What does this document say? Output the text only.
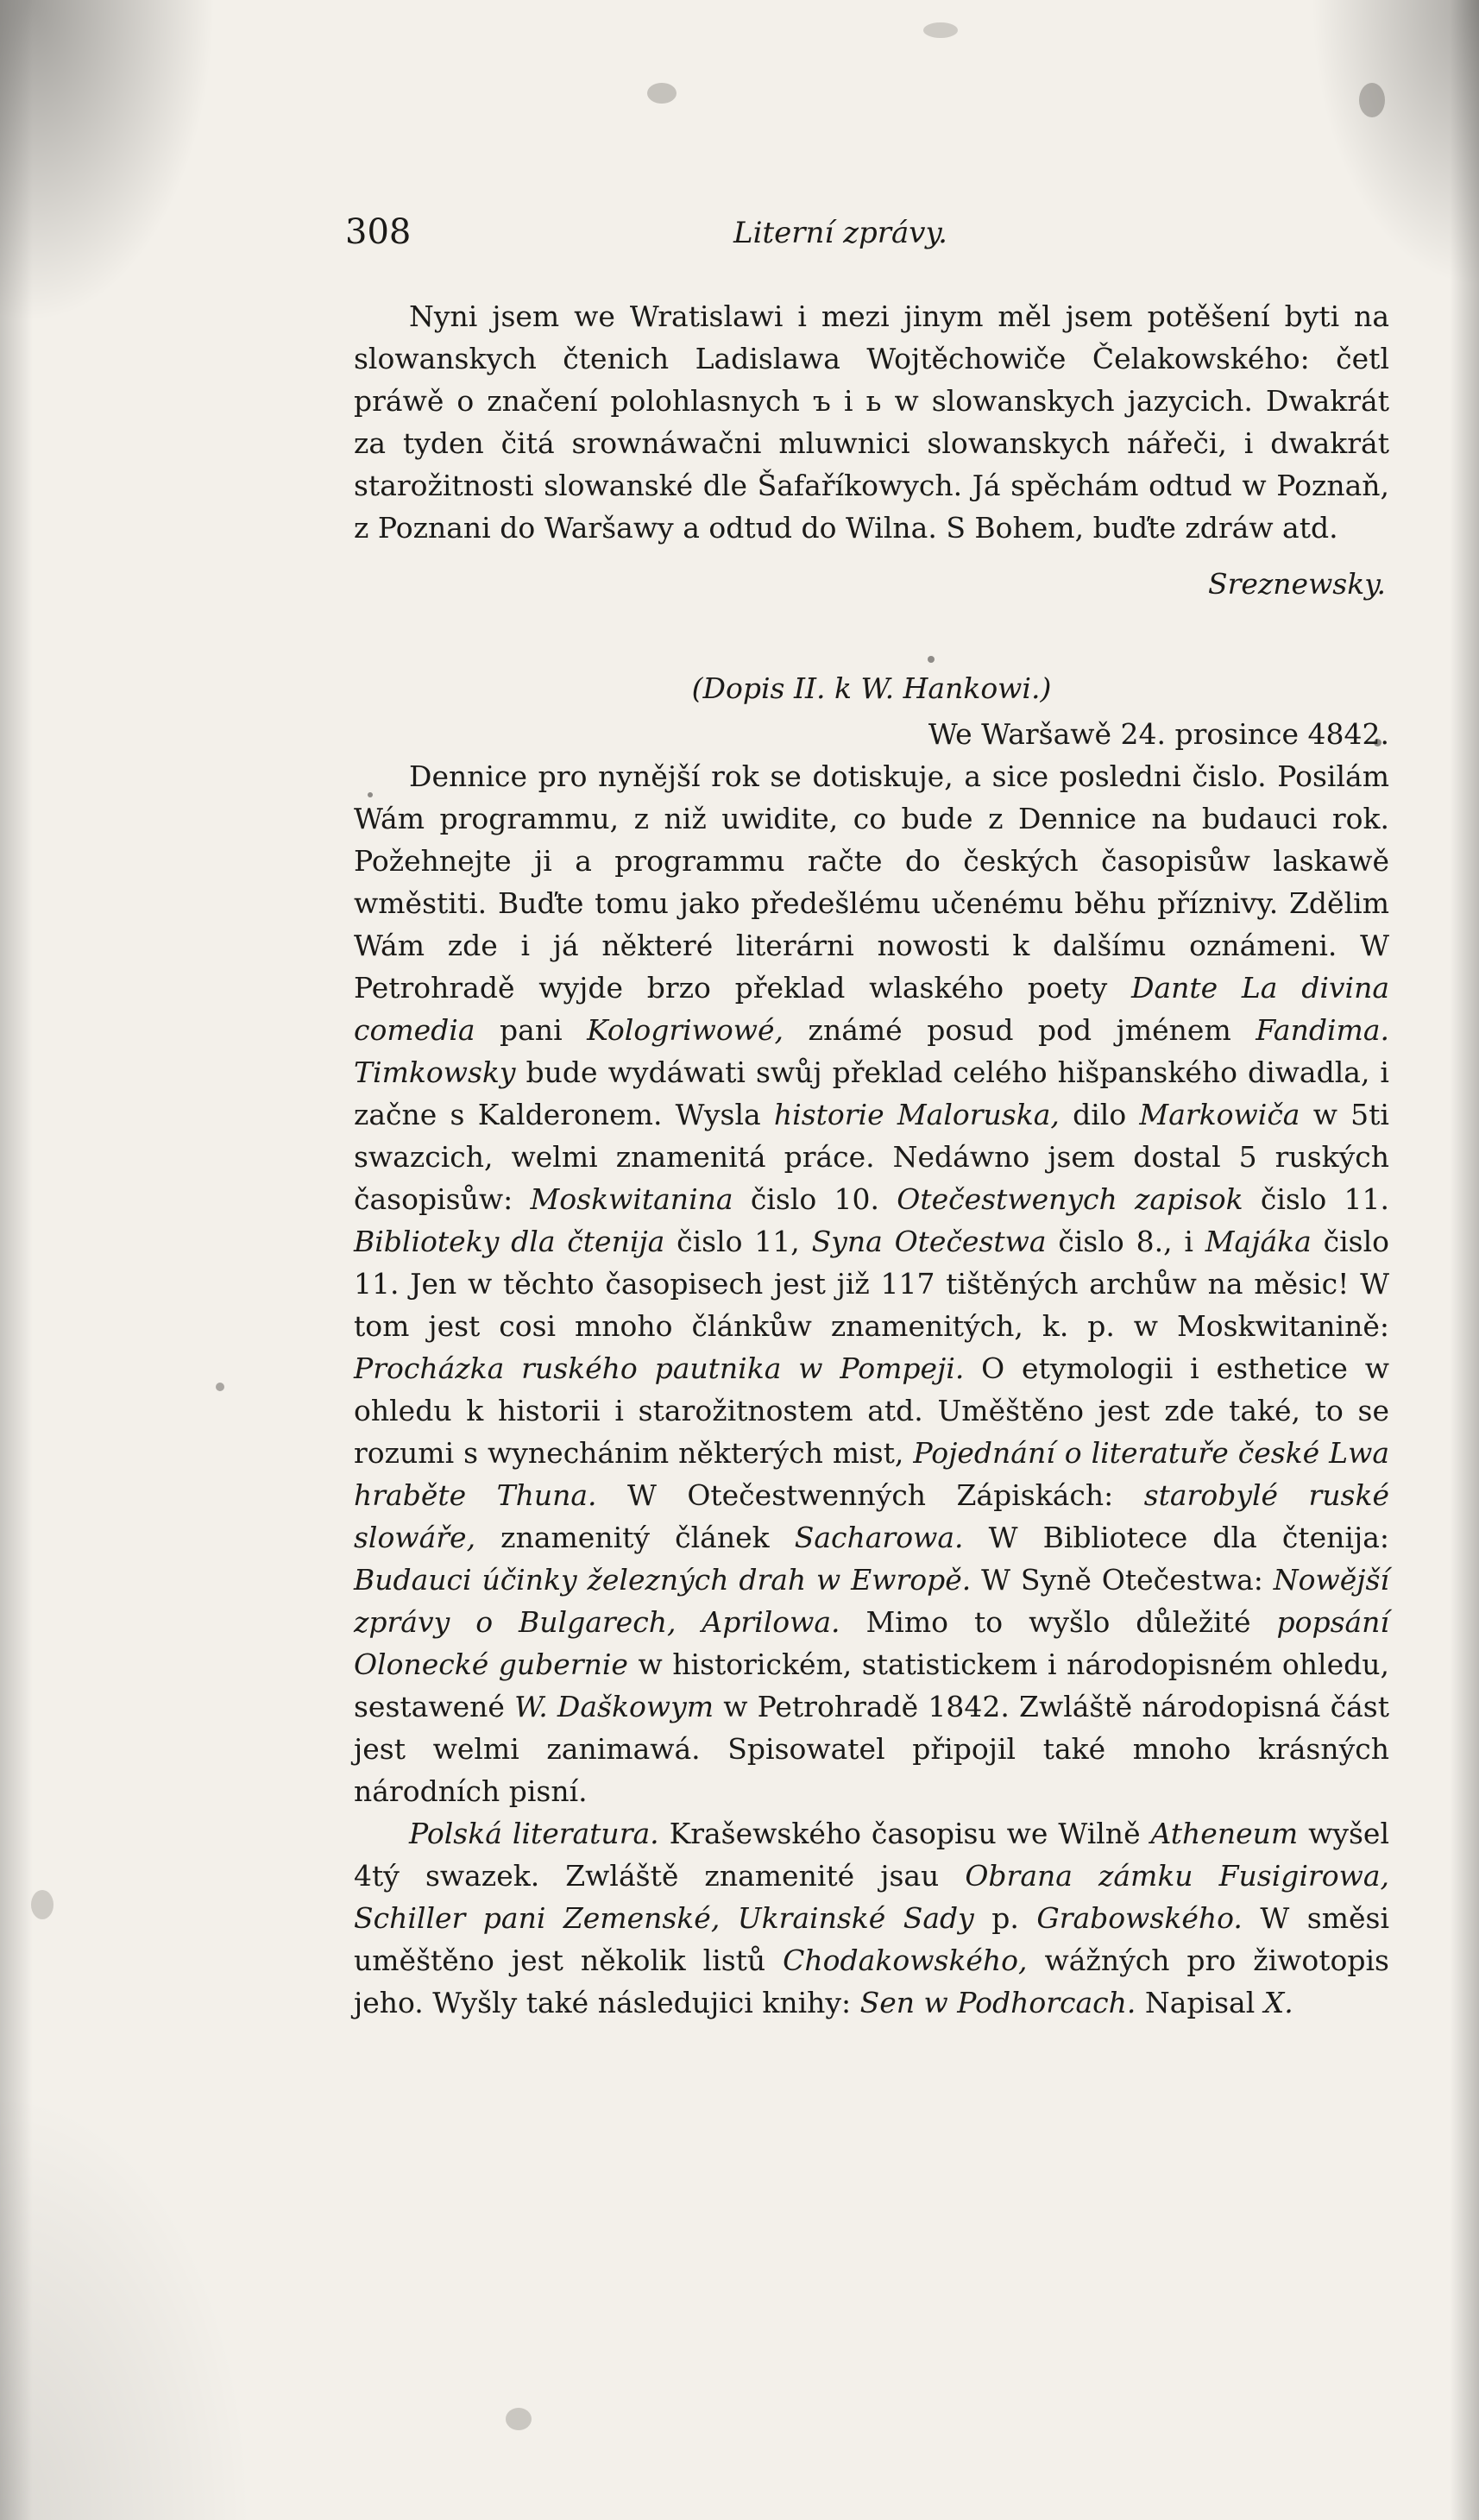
308	Literní zprávy.

Nyni jsem we Wratislawi i mezi jinym měl jsem potěšení byti na slowanskych čtenich Ladislawa Wojtěchowiče Čelakowského: četl práwě o značení polohlasnych ъ i ь w slowanskych jazycich. Dwakrát za tyden čitá srownáwačni mluwnici slowanskych nářeči, i dwakrát starožitnosti slowanské dle Šafaříkowych. Já spěchám odtud w Poznaň, z Poznani do Waršawy a odtud do Wilna. S Bohem, buďte zdráw atd.

Sreznewsky.
(Dopis II. k W. Hankowi.)
We Waršawě 24. prosince 4842.

Dennice pro nynější rok se dotiskuje, a sice posledni čislo. Posilám Wám programmu, z niž uwidite, co bude z Dennice na budauci rok. Požehnejte ji a programmu račte do českých časopisůw laskawě wměstiti. Buďte tomu jako předešlému učenému běhu příznivy. Zdělim Wám zde i já některé literárni nowosti k dalšímu oznámeni. W Petrohradě wyjde brzo překlad wlaského poety Dante La divina comedia pani Kologriwowé, známé posud pod jménem Fandima. Timkowsky bude wydáwati swůj překlad celého hišpanského diwadla, i začne s Kalderonem. Wysla historie Maloruska, dilo Markowiča w 5ti swazcich, welmi znamenitá práce. Nedáwno jsem dostal 5 ruských časopisůw: Moskwitanina čislo 10. Otečestwenych zapisok čislo 11. Biblioteky dla čtenija čislo 11, Syna Otečestwa čislo 8., i Majáka čislo 11. Jen w těchto časopisech jest již 117 tištěných archůw na měsic! W tom jest cosi mnoho článkůw znamenitých, k. p. w Moskwitanině: Procházka ruského pautnika w Pompeji. O etymologii i esthetice w ohledu k historii i starožitnostem atd. Uměštěno jest zde také, to se rozumi s wynechánim některých mist, Pojednání o literatuře české Lwa hraběte Thuna. W Otečestwenných Zápiskách: starobylé ruské slowáře, znamenitý článek Sacharowa. W Bibliotece dla čtenija: Budauci účinky železných drah w Ewropě. W Syně Otečestwa: Nowější zprávy o Bulgarech, Aprilowa. Mimo to wyšlo důležité popsání Olonecké gubernie w historickém, statistickem i národopisném ohledu, sestawené W. Daškowym w Petrohradě 1842. Zwláště národopisná část jest welmi zanimawá. Spisowatel připojil také mnoho krásných národních pisní.

Polská literatura. Krašewského časopisu we Wilně Atheneum wyšel 4tý swazek. Zwláště znamenité jsau Obrana zámku Fusigirowa, Schiller pani Zemenské, Ukrainské Sady p. Grabowského. W směsi uměštěno jest několik listů Chodakowského, wážných pro žiwotopis jeho. Wyšly také následujici knihy: Sen w Podhorcach. Napisal X.
